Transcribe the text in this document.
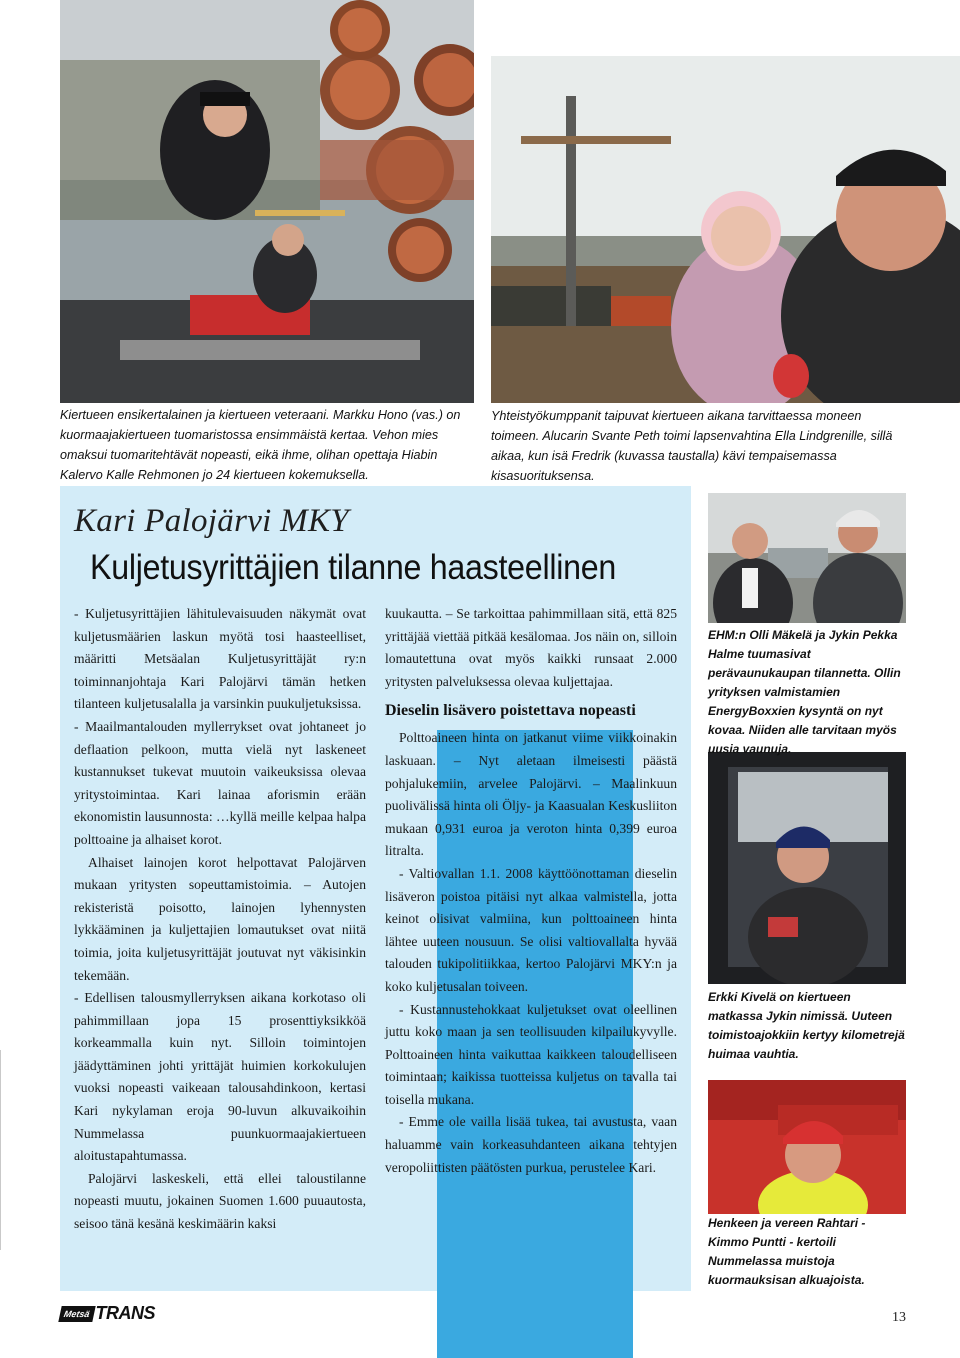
Kiertueen ensikertalainen ja kiertueen veteraani. Markku Hono (vas.) on kuormaajakiertueen tuomaristossa ensimmäistä kertaa. Vehon mies omaksui tuomaritehtävät nopeasti, eikä ihme, olihan opettaja Hiabin Kalervo Kalle Rehmonen jo 24 kiertueen kokemuksella.
Yhteistyökumppanit taipuvat kiertueen aikana tarvittaessa moneen toimeen. Alucarin Svante Peth toimi lapsenvahtina Ella Lindgrenille, sillä aikaa, kun isä Fredrik (kuvassa taustalla) kävi tempaisemassa kisasuorituksensa.
Kari Palojärvi MKY
Kuljetusyrittäjien tilanne haasteellinen

- Kuljetusyrittäjien lähitulevaisuuden näkymät ovat kuljetusmäärien laskun myötä tosi haasteelliset, määritti Metsäalan Kuljetusyrittäjät ry:n toiminnanjohtaja Kari Palojärvi tämän hetken tilanteen kuljetusalalla ja varsinkin puukuljetuksissa.

- Maailmantalouden myllerrykset ovat johtaneet jo deflaation pelkoon, mutta vielä nyt laskeneet kustannukset tukevat muutoin vaikeuksissa olevaa yritystoimintaa. Kari lainaa aforismin erään ekonomistin lausunnosta: …kyllä meille kelpaa halpa polttoaine ja alhaiset korot.

Alhaiset lainojen korot helpottavat Palojärven mukaan yritysten sopeuttamistoimia. – Autojen rekisteristä poisotto, lainojen lyhennysten lykkääminen ja kuljettajien lomautukset ovat niitä toimia, joita kuljetusyrittäjät joutuvat nyt väkisinkin tekemään.

- Edellisen talousmyllerryksen aikana korkotaso oli pahimmillaan jopa 15 prosenttiyksikköä korkeammalla kuin nyt. Silloin toimintojen jäädyttäminen johti yrittäjät huimien korkokulujen vuoksi nopeasti vaikeaan talousahdinkoon, kertasi Kari nykylaman eroja 90-luvun alkuvaikoihin Nummelassa puunkuormaajakiertueen aloitustapahtumassa.

Palojärvi laskeskeli, että ellei taloustilanne nopeasti muutu, jokainen Suomen 1.600 puuautosta, seisoo tänä kesänä keskimäärin kaksi

kuukautta. – Se tarkoittaa pahimmillaan sitä, että 825 yrittäjää viettää pitkää kesälomaa. Jos näin on, silloin lomautettuna ovat myös kaikki runsaat 2.000 yritysten palveluksessa olevaa kuljettajaa.

Dieselin lisävero poistettava nopeasti

Polttoaineen hinta on jatkanut viime viikkoinakin laskuaan. – Nyt aletaan ilmeisesti päästä pohjalukemiin, arvelee Palojärvi. – Maalinkuun puolivälissä hinta oli Öljy- ja Kaasualan Keskusliiton mukaan 0,931 euroa ja veroton hinta 0,399 euroa litralta.

- Valtiovallan 1.1. 2008 käyttöönottaman dieselin lisäveron poistoa pitäisi nyt alkaa valmistella, jotta keinot olisivat valmiina, kun polttoaineen hinta lähtee uuteen nousuun. Se olisi valtiovallalta hyvää talouden tukipolitiikkaa, kertoo Palojärvi MKY:n ja koko kuljetusalan toiveen.

- Kustannustehokkaat kuljetukset ovat oleellinen juttu koko maan ja sen teollisuuden kilpailukyvylle. Polttoaineen hinta vaikuttaa kaikkeen taloudelliseen toimintaan; kaikissa tuotteissa kuljetus on tavalla tai toisella mukana.

- Emme ole vailla lisää tukea, tai avustusta, vaan haluamme vain korkeasuhdanteen aikana tehtyjen veropoliittisten päätösten purkua, perustelee Kari.

EHM:n Olli Mäkelä ja Jykin Pekka Halme tuumasivat perävaunukaupan tilannetta. Ollin yrityksen valmistamien EnergyBoxxien kysyntä on nyt kovaa. Niiden alle tarvitaan myös uusia vaunuja.
Erkki Kivelä on kiertueen matkassa Jykin nimissä. Uuteen toimistoajokkiin kertyy kilometrejä huimaa vauhtia.
Henkeen ja vereen Rahtari - Kimmo Puntti - kertoili Nummelassa muistoja kuormauksisan alkuajoista.
Metsä TRANS	13
